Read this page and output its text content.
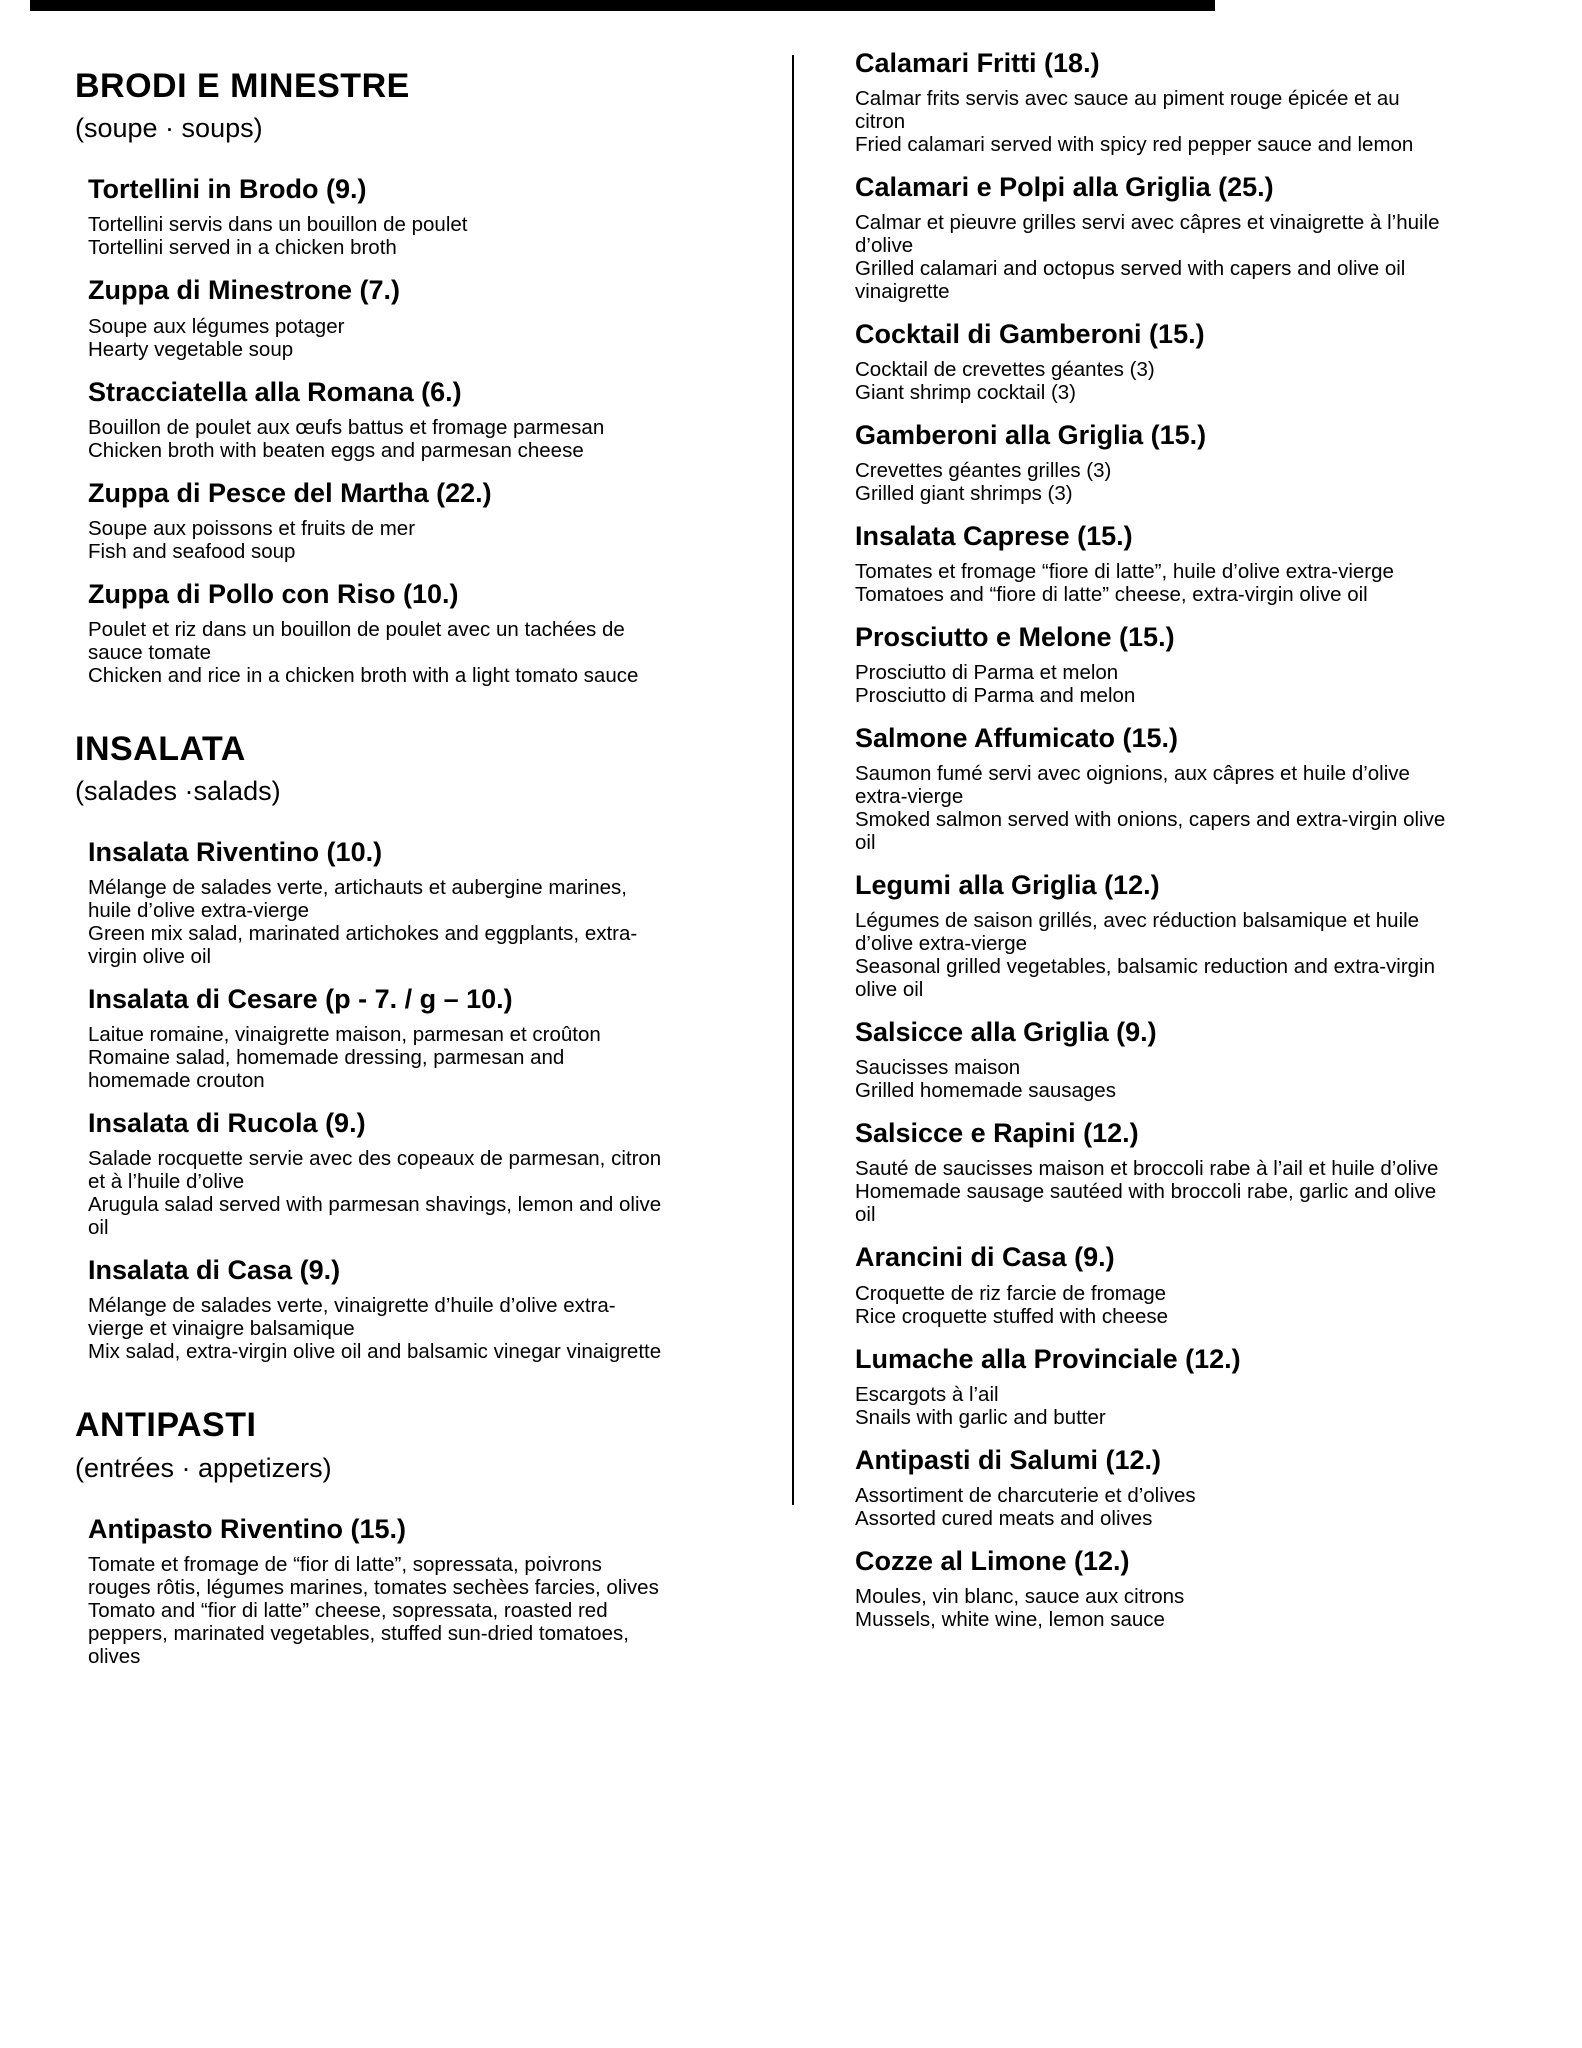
BRODI E MINESTRE
(soupe · soups)
Tortellini in Brodo (9.)

Tortellini servis dans un bouillon de poulet

Tortellini served in a chicken broth

Zuppa di Minestrone (7.)

Soupe aux légumes potager

Hearty vegetable soup

Stracciatella alla Romana (6.)

Bouillon de poulet aux œufs battus et fromage parmesan

Chicken broth with beaten eggs and parmesan cheese

Zuppa di Pesce del Martha (22.)

Soupe aux poissons et fruits de mer

Fish and seafood soup

Zuppa di Pollo con Riso (10.)

Poulet et riz dans un bouillon de poulet avec un tachées de sauce tomate

Chicken and rice in a chicken broth with a light tomato sauce

INSALATA
(salades ·salads)
Insalata Riventino (10.)

Mélange de salades verte, artichauts et aubergine marines, huile d’olive extra-vierge

Green mix salad, marinated artichokes and eggplants, extra-virgin olive oil

Insalata di Cesare (p - 7. / g – 10.)

Laitue romaine, vinaigrette maison, parmesan et croûton

Romaine salad, homemade dressing, parmesan and homemade crouton

Insalata di Rucola (9.)

Salade rocquette servie avec des copeaux de parmesan, citron et à l’huile d’olive

Arugula salad served with parmesan shavings, lemon and olive oil

Insalata di Casa (9.)

Mélange de salades verte, vinaigrette d’huile d’olive extra-vierge et vinaigre balsamique

Mix salad, extra-virgin olive oil and balsamic vinegar vinaigrette

ANTIPASTI
(entrées · appetizers)
Antipasto Riventino (15.)

Tomate et fromage de “fior di latte”, sopressata, poivrons rouges rôtis, légumes marines, tomates sechèes farcies, olives

Tomato and “fior di latte” cheese, sopressata, roasted red peppers, marinated vegetables, stuffed sun-dried tomatoes, olives

Calamari Fritti (18.)

Calmar frits servis avec sauce au piment rouge épicée et au citron

Fried calamari served with spicy red pepper sauce and lemon

Calamari e Polpi alla Griglia (25.)

Calmar et pieuvre grilles servi avec câpres et vinaigrette à l’huile d’olive

Grilled calamari and octopus served with capers and olive oil vinaigrette

Cocktail di Gamberoni (15.)

Cocktail de crevettes géantes (3)

Giant shrimp cocktail (3)

Gamberoni alla Griglia (15.)

Crevettes géantes grilles (3)

Grilled giant shrimps (3)

Insalata Caprese (15.)

Tomates et fromage “fiore di latte”, huile d’olive extra-vierge

Tomatoes and “fiore di latte” cheese, extra-virgin olive oil

Prosciutto e Melone (15.)

Prosciutto di Parma et melon

Prosciutto di Parma and melon

Salmone Affumicato (15.)

Saumon fumé servi avec oignions, aux câpres et huile d’olive extra-vierge

Smoked salmon served with onions, capers and extra-virgin olive oil

Legumi alla Griglia (12.)

Légumes de saison grillés, avec réduction balsamique et huile d’olive extra-vierge

Seasonal grilled vegetables, balsamic reduction and extra-virgin olive oil

Salsicce alla Griglia (9.)

Saucisses maison

Grilled homemade sausages

Salsicce e Rapini (12.)

Sauté de saucisses maison et broccoli rabe à l’ail et huile d’olive

Homemade sausage sautéed with broccoli rabe, garlic and olive oil

Arancini di Casa (9.)

Croquette de riz farcie de fromage

Rice croquette stuffed with cheese

Lumache alla Provinciale (12.)

Escargots à l’ail

Snails with garlic and butter

Antipasti di Salumi (12.)

Assortiment de charcuterie et d’olives

Assorted cured meats and olives

Cozze al Limone (12.)

Moules, vin blanc, sauce aux citrons

Mussels, white wine, lemon sauce
